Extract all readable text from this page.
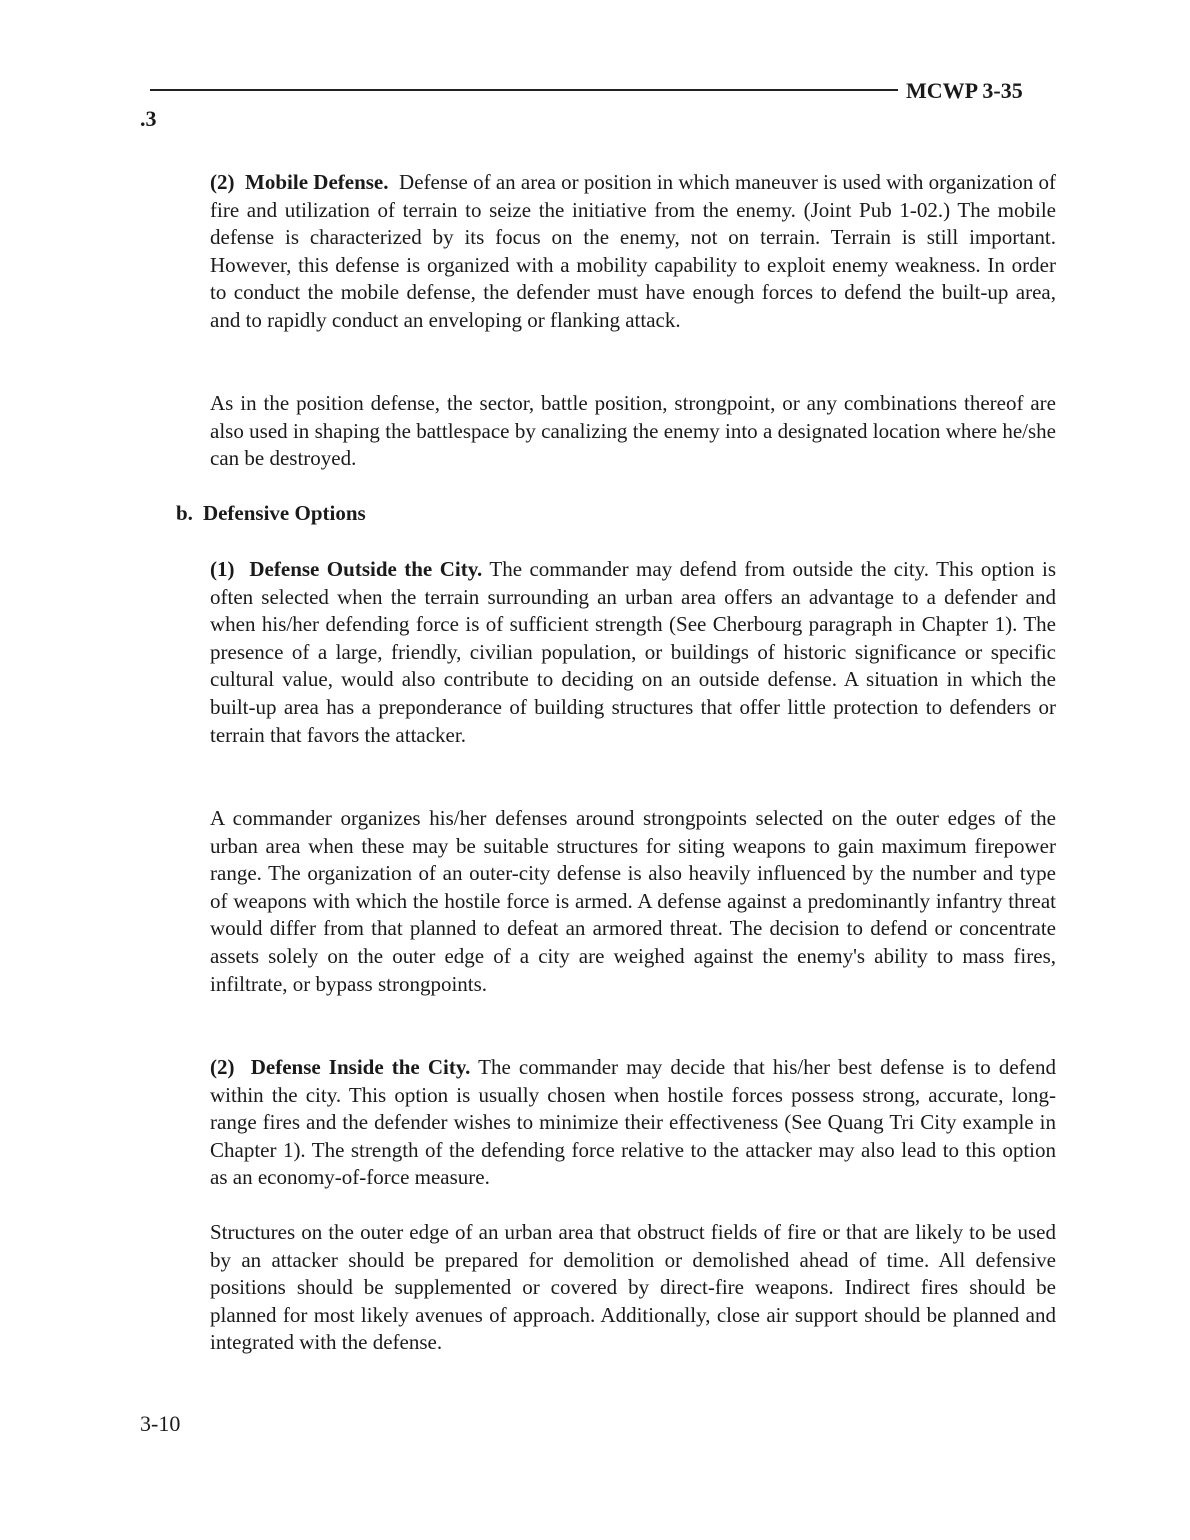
MCWP 3-35
.3

(2) Mobile Defense. Defense of an area or position in which maneuver is used with organization of fire and utilization of terrain to seize the initiative from the enemy. (Joint Pub 1-02.) The mobile defense is characterized by its focus on the enemy, not on terrain. Terrain is still important. However, this defense is organized with a mobility capability to exploit enemy weakness. In order to conduct the mobile defense, the defender must have enough forces to defend the built-up area, and to rapidly conduct an enveloping or flanking attack.

As in the position defense, the sector, battle position, strongpoint, or any combinations thereof are also used in shaping the battlespace by canalizing the enemy into a designated location where he/she can be destroyed.

b. Defensive Options

(1) Defense Outside the City. The commander may defend from outside the city. This option is often selected when the terrain surrounding an urban area offers an advantage to a defender and when his/her defending force is of sufficient strength (See Cherbourg paragraph in Chapter 1). The presence of a large, friendly, civilian population, or buildings of historic significance or specific cultural value, would also contribute to deciding on an outside defense. A situation in which the built-up area has a preponderance of building structures that offer little protection to defenders or terrain that favors the attacker.

A commander organizes his/her defenses around strongpoints selected on the outer edges of the urban area when these may be suitable structures for siting weapons to gain maximum firepower range. The organization of an outer-city defense is also heavily influenced by the number and type of weapons with which the hostile force is armed. A defense against a predominantly infantry threat would differ from that planned to defeat an armored threat. The decision to defend or concentrate assets solely on the outer edge of a city are weighed against the enemy's ability to mass fires, infiltrate, or bypass strongpoints.

(2) Defense Inside the City. The commander may decide that his/her best defense is to defend within the city. This option is usually chosen when hostile forces possess strong, accurate, long-range fires and the defender wishes to minimize their effectiveness (See Quang Tri City example in Chapter 1). The strength of the defending force relative to the attacker may also lead to this option as an economy-of-force measure.

Structures on the outer edge of an urban area that obstruct fields of fire or that are likely to be used by an attacker should be prepared for demolition or demolished ahead of time. All defensive positions should be supplemented or covered by direct-fire weapons. Indirect fires should be planned for most likely avenues of approach. Additionally, close air support should be planned and integrated with the defense.

3-10
